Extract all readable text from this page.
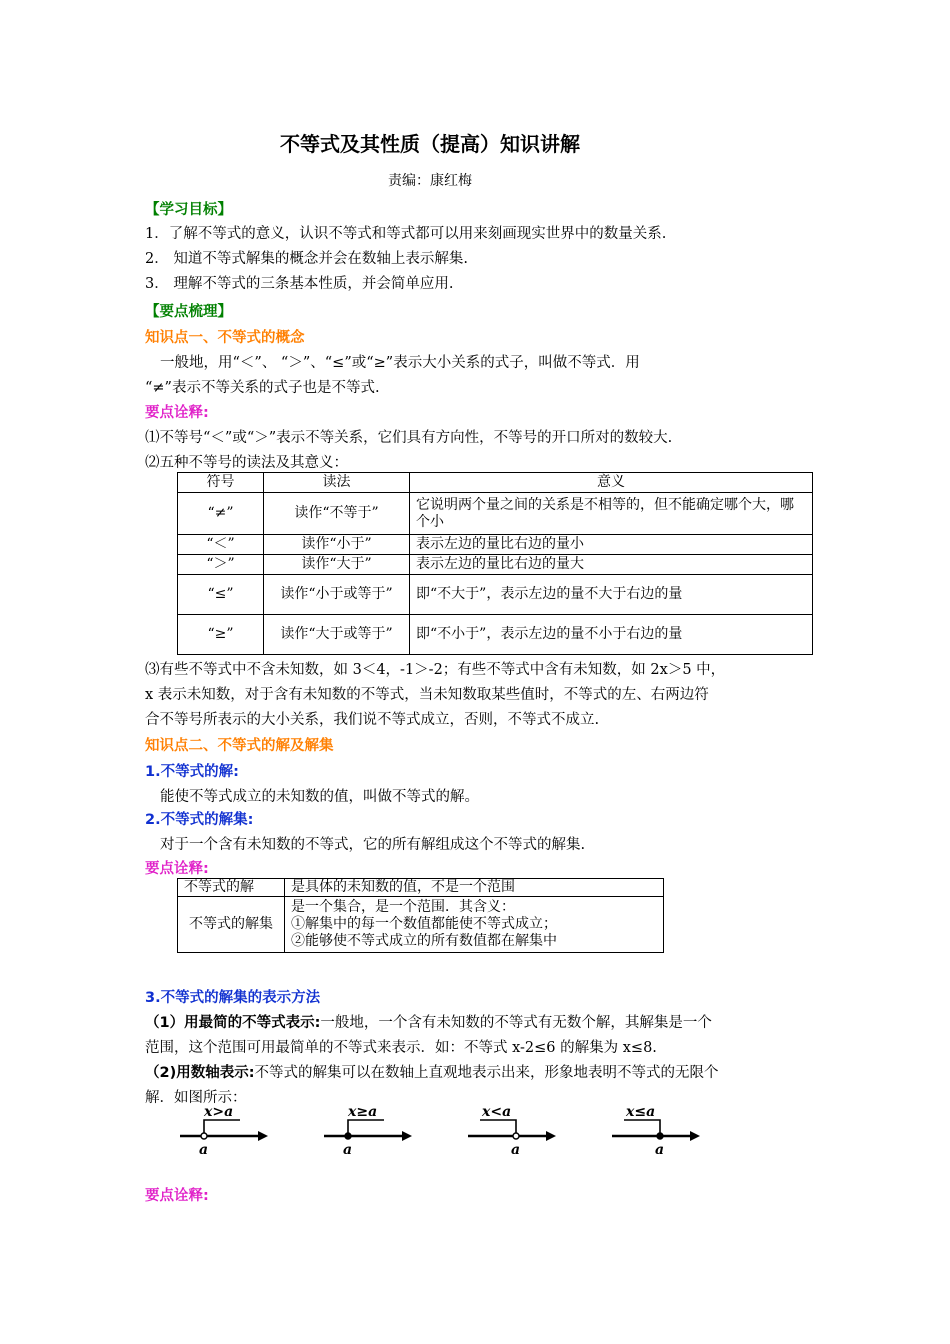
不等式及其性质（提高）知识讲解
责编：康红梅
【学习目标】
1．了解不等式的意义，认识不等式和等式都可以用来刻画现实世界中的数量关系.
2． 知道不等式解集的概念并会在数轴上表示解集.
3． 理解不等式的三条基本性质，并会简单应用.
【要点梳理】
知识点一、不等式的概念
一般地，用“＜”、 “＞”、“≤”或“≥”表示大小关系的式子，叫做不等式．用
“≠”表示不等关系的式子也是不等式.
要点诠释:
⑴不等号“＜”或“＞”表示不等关系，它们具有方向性，不等号的开口所对的数较大.
⑵五种不等号的读法及其意义：
符号	读法	意义
“≠”	读作“不等于”	它说明两个量之间的关系是不相等的，但不能确定哪个大，哪个小
“＜”	读作“小于”	表示左边的量比右边的量小
“＞”	读作“大于”	表示左边的量比右边的量大
“≤”	读作“小于或等于”	即“不大于”，表示左边的量不大于右边的量
“≥”	读作“大于或等于”	即“不小于”，表示左边的量不小于右边的量
⑶有些不等式中不含未知数，如 3＜4，-1＞-2；有些不等式中含有未知数，如 2x＞5 中，
x 表示未知数，对于含有未知数的不等式，当未知数取某些值时，不等式的左、右两边符
合不等号所表示的大小关系，我们说不等式成立，否则，不等式不成立.
知识点二、不等式的解及解集
1.不等式的解:
能使不等式成立的未知数的值，叫做不等式的解。
2.不等式的解集:
对于一个含有未知数的不等式，它的所有解组成这个不等式的解集.
要点诠释:
不等式的解	是具体的未知数的值，不是一个范围
不等式的解集	是一个集合，是一个范围．其含义：
①解集中的每一个数值都能使不等式成立；
②能够使不等式成立的所有数值都在解集中
3.不等式的解集的表示方法
（1）用最简的不等式表示:一般地，一个含有未知数的不等式有无数个解，其解集是一个
范围，这个范围可用最简单的不等式来表示．如：不等式 x-2≤6 的解集为 x≤8.
（2)用数轴表示:不等式的解集可以在数轴上直观地表示出来，形象地表明不等式的无限个
解．如图所示：
x>a
a
x≥a
a
x<a
a
x≤a
a
要点诠释:
